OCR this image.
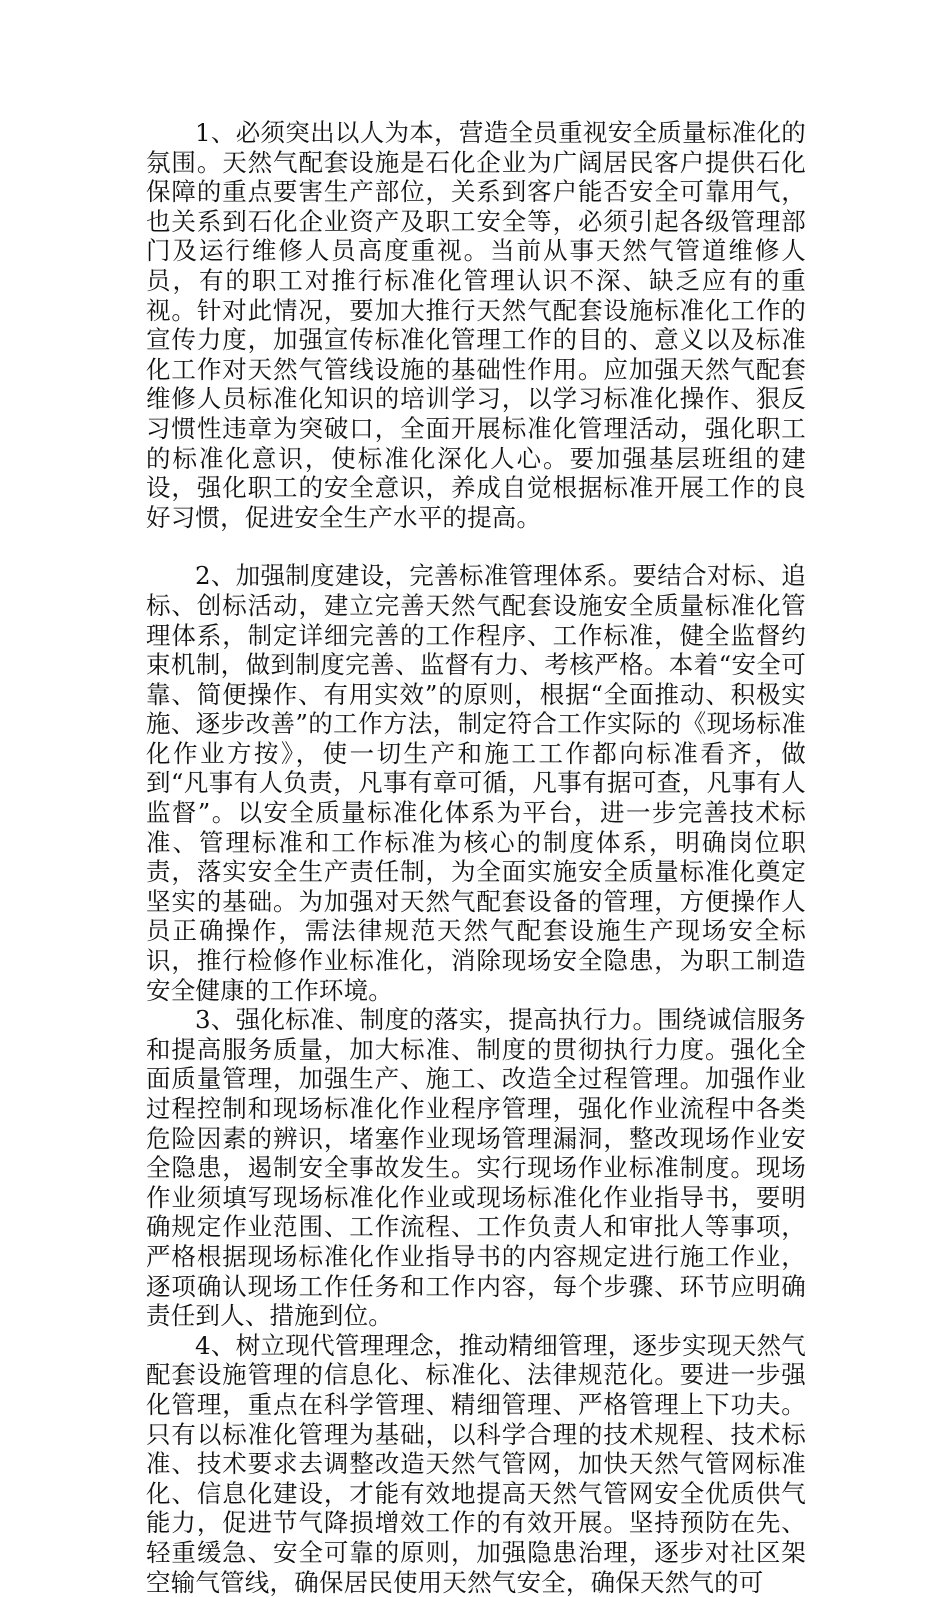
1、必须突出以人为本，营造全员重视安全质量标准化的氛围。天然气配套设施是石化企业为广阔居民客户提供石化保障的重点要害生产部位，关系到客户能否安全可靠用气，也关系到石化企业资产及职工安全等，必须引起各级管理部门及运行维修人员高度重视。当前从事天然气管道维修人员，有的职工对推行标准化管理认识不深、缺乏应有的重视。针对此情况，要加大推行天然气配套设施标准化工作的宣传力度，加强宣传标准化管理工作的目的、意义以及标准化工作对天然气管线设施的基础性作用。应加强天然气配套维修人员标准化知识的培训学习，以学习标准化操作、狠反习惯性违章为突破口，全面开展标准化管理活动，强化职工的标准化意识，使标准化深化人心。要加强基层班组的建设，强化职工的安全意识，养成自觉根据标准开展工作的良好习惯，促进安全生产水平的提高。

2、加强制度建设，完善标准管理体系。要结合对标、追标、创标活动，建立完善天然气配套设施安全质量标准化管理体系，制定详细完善的工作程序、工作标准，健全监督约束机制，做到制度完善、监督有力、考核严格。本着“安全可靠、简便操作、有用实效”的原则，根据“全面推动、积极实施、逐步改善”的工作方法，制定符合工作实际的《现场标准化作业方按》，使一切生产和施工工作都向标准看齐，做到“凡事有人负责，凡事有章可循，凡事有据可查，凡事有人监督”。以安全质量标准化体系为平台，进一步完善技术标准、管理标准和工作标准为核心的制度体系，明确岗位职责，落实安全生产责任制，为全面实施安全质量标准化奠定坚实的基础。为加强对天然气配套设备的管理，方便操作人员正确操作，需法律规范天然气配套设施生产现场安全标识，推行检修作业标准化，消除现场安全隐患，为职工制造安全健康的工作环境。

3、强化标准、制度的落实，提高执行力。围绕诚信服务和提高服务质量，加大标准、制度的贯彻执行力度。强化全面质量管理，加强生产、施工、改造全过程管理。加强作业过程控制和现场标准化作业程序管理，强化作业流程中各类危险因素的辨识，堵塞作业现场管理漏洞，整改现场作业安全隐患，遏制安全事故发生。实行现场作业标准制度。现场作业须填写现场标准化作业或现场标准化作业指导书，要明确规定作业范围、工作流程、工作负责人和审批人等事项，严格根据现场标准化作业指导书的内容规定进行施工作业，逐项确认现场工作任务和工作内容，每个步骤、环节应明确责任到人、措施到位。

4、树立现代管理理念，推动精细管理，逐步实现天然气配套设施管理的信息化、标准化、法律规范化。要进一步强化管理，重点在科学管理、精细管理、严格管理上下功夫。只有以标准化管理为基础，以科学合理的技术规程、技术标准、技术要求去调整改造天然气管网，加快天然气管网标准化、信息化建设，才能有效地提高天然气管网安全优质供气能力，促进节气降损增效工作的有效开展。坚持预防在先、轻重缓急、安全可靠的原则，加强隐患治理，逐步对社区架空输气管线，确保居民使用天然气安全，确保天然气的可
